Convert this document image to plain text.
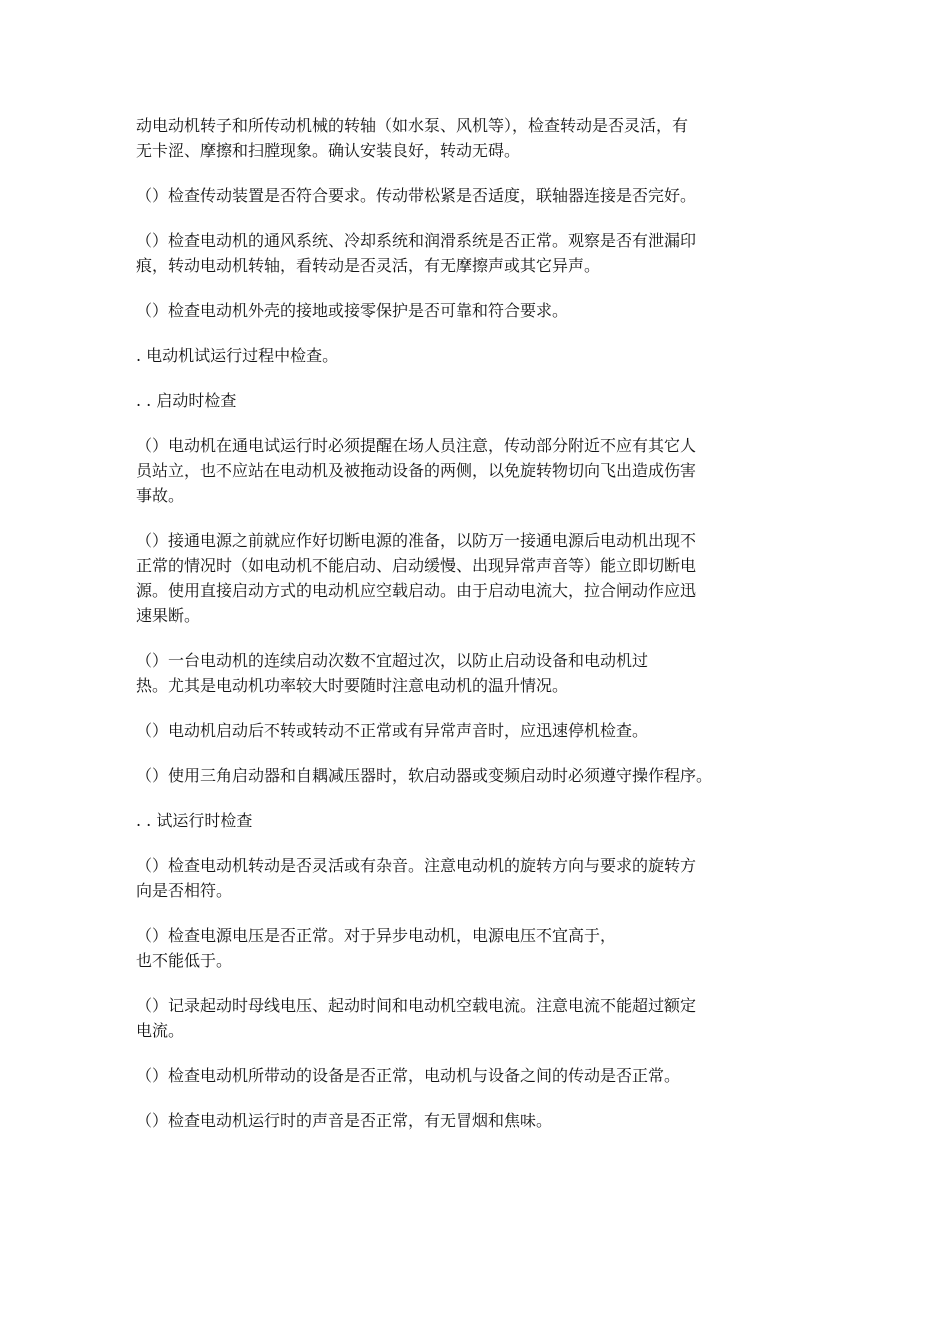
动电动机转子和所传动机械的转轴（如水泵、风机等），检查转动是否灵活，有
无卡涩、摩擦和扫膛现象。确认安装良好，转动无碍。

（）检查传动装置是否符合要求。传动带松紧是否适度，联轴器连接是否完好。

（）检查电动机的通风系统、冷却系统和润滑系统是否正常。观察是否有泄漏印
痕，转动电动机转轴，看转动是否灵活，有无摩擦声或其它异声。

（）检查电动机外壳的接地或接零保护是否可靠和符合要求。

. 电动机试运行过程中检查。

. . 启动时检查

（）电动机在通电试运行时必须提醒在场人员注意，传动部分附近不应有其它人
员站立，也不应站在电动机及被拖动设备的两侧，以免旋转物切向飞出造成伤害
事故。

（）接通电源之前就应作好切断电源的准备，以防万一接通电源后电动机出现不
正常的情况时（如电动机不能启动、启动缓慢、出现异常声音等）能立即切断电
源。使用直接启动方式的电动机应空载启动。由于启动电流大，拉合闸动作应迅
速果断。

（）一台电动机的连续启动次数不宜超过次，以防止启动设备和电动机过
热。尤其是电动机功率较大时要随时注意电动机的温升情况。

（）电动机启动后不转或转动不正常或有异常声音时，应迅速停机检查。

（）使用三角启动器和自耦减压器时，软启动器或变频启动时必须遵守操作程序。

. . 试运行时检查

（）检查电动机转动是否灵活或有杂音。注意电动机的旋转方向与要求的旋转方
向是否相符。

（）检查电源电压是否正常。对于异步电动机，电源电压不宜高于，
也不能低于。

（）记录起动时母线电压、起动时间和电动机空载电流。注意电流不能超过额定
电流。

（）检查电动机所带动的设备是否正常，电动机与设备之间的传动是否正常。

（）检查电动机运行时的声音是否正常，有无冒烟和焦味。
